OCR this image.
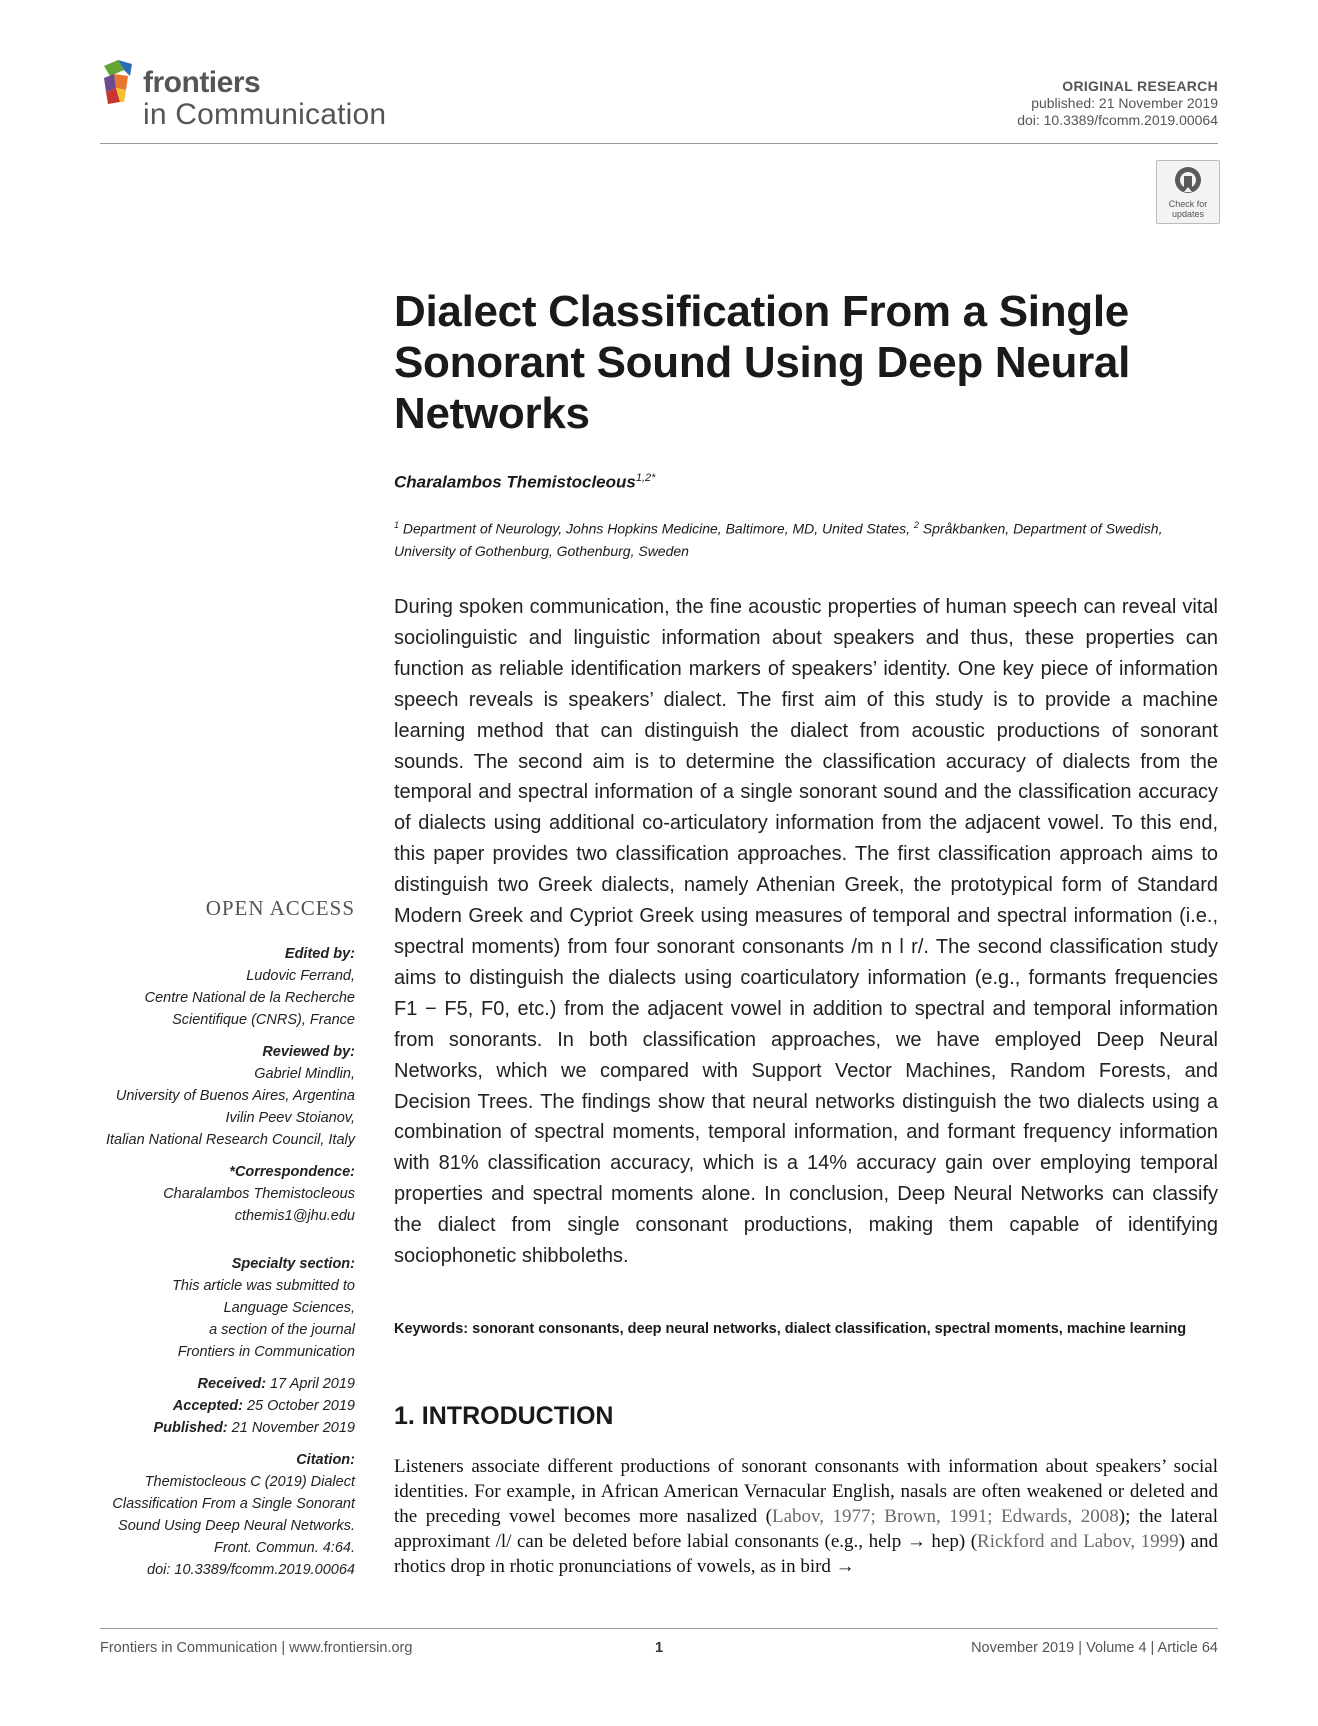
frontiers
in Communication
ORIGINAL RESEARCH
published: 21 November 2019
doi: 10.3389/fcomm.2019.00064
Check for updates
Dialect Classification From a Single Sonorant Sound Using Deep Neural Networks
Charalambos Themistocleous$^{1,2*}$
$^1$ Department of Neurology, Johns Hopkins Medicine, Baltimore, MD, United States, $^2$ Språkbanken, Department of Swedish, University of Gothenburg, Gothenburg, Sweden

During spoken communication, the fine acoustic properties of human speech can reveal vital sociolinguistic and linguistic information about speakers and thus, these properties can function as reliable identification markers of speakers’ identity. One key piece of information speech reveals is speakers’ dialect. The first aim of this study is to provide a machine learning method that can distinguish the dialect from acoustic productions of sonorant sounds. The second aim is to determine the classification accuracy of dialects from the temporal and spectral information of a single sonorant sound and the classification accuracy of dialects using additional co-articulatory information from the adjacent vowel. To this end, this paper provides two classification approaches. The first classification approach aims to distinguish two Greek dialects, namely Athenian Greek, the prototypical form of Standard Modern Greek and Cypriot Greek using measures of temporal and spectral information (i.e., spectral moments) from four sonorant consonants /m n l r/. The second classification study aims to distinguish the dialects using coarticulatory information (e.g., formants frequencies F1 − F5, F0, etc.) from the adjacent vowel in addition to spectral and temporal information from sonorants. In both classification approaches, we have employed Deep Neural Networks, which we compared with Support Vector Machines, Random Forests, and Decision Trees. The findings show that neural networks distinguish the two dialects using a combination of spectral moments, temporal information, and formant frequency information with 81% classification accuracy, which is a 14% accuracy gain over employing temporal properties and spectral moments alone. In conclusion, Deep Neural Networks can classify the dialect from single consonant productions, making them capable of identifying sociophonetic shibboleths.

Keywords: sonorant consonants, deep neural networks, dialect classification, spectral moments, machine learning
1. INTRODUCTION

Listeners associate different productions of sonorant consonants with information about speakers’ social identities. For example, in African American Vernacular English, nasals are often weakened or deleted and the preceding vowel becomes more nasalized (Labov, 1977; Brown, 1991; Edwards, 2008); the lateral approximant /l/ can be deleted before labial consonants (e.g., help → hep) (Rickford and Labov, 1999) and rhotics drop in rhotic pronunciations of vowels, as in bird →

OPEN ACCESS
Edited by:
Ludovic Ferrand,
Centre National de la Recherche
Scientifique (CNRS), France
Reviewed by:
Gabriel Mindlin,
University of Buenos Aires, Argentina
Ivilin Peev Stoianov,
Italian National Research Council, Italy
*Correspondence:
Charalambos Themistocleous
cthemis1@jhu.edu
Specialty section:
This article was submitted to
Language Sciences,
a section of the journal
Frontiers in Communication
Received: 17 April 2019
Accepted: 25 October 2019
Published: 21 November 2019
Citation:
Themistocleous C (2019) Dialect
Classification From a Single Sonorant
Sound Using Deep Neural Networks.
Front. Commun. 4:64.
doi: 10.3389/fcomm.2019.00064
Frontiers in Communication | www.frontiersin.org	1	November 2019 | Volume 4 | Article 64
